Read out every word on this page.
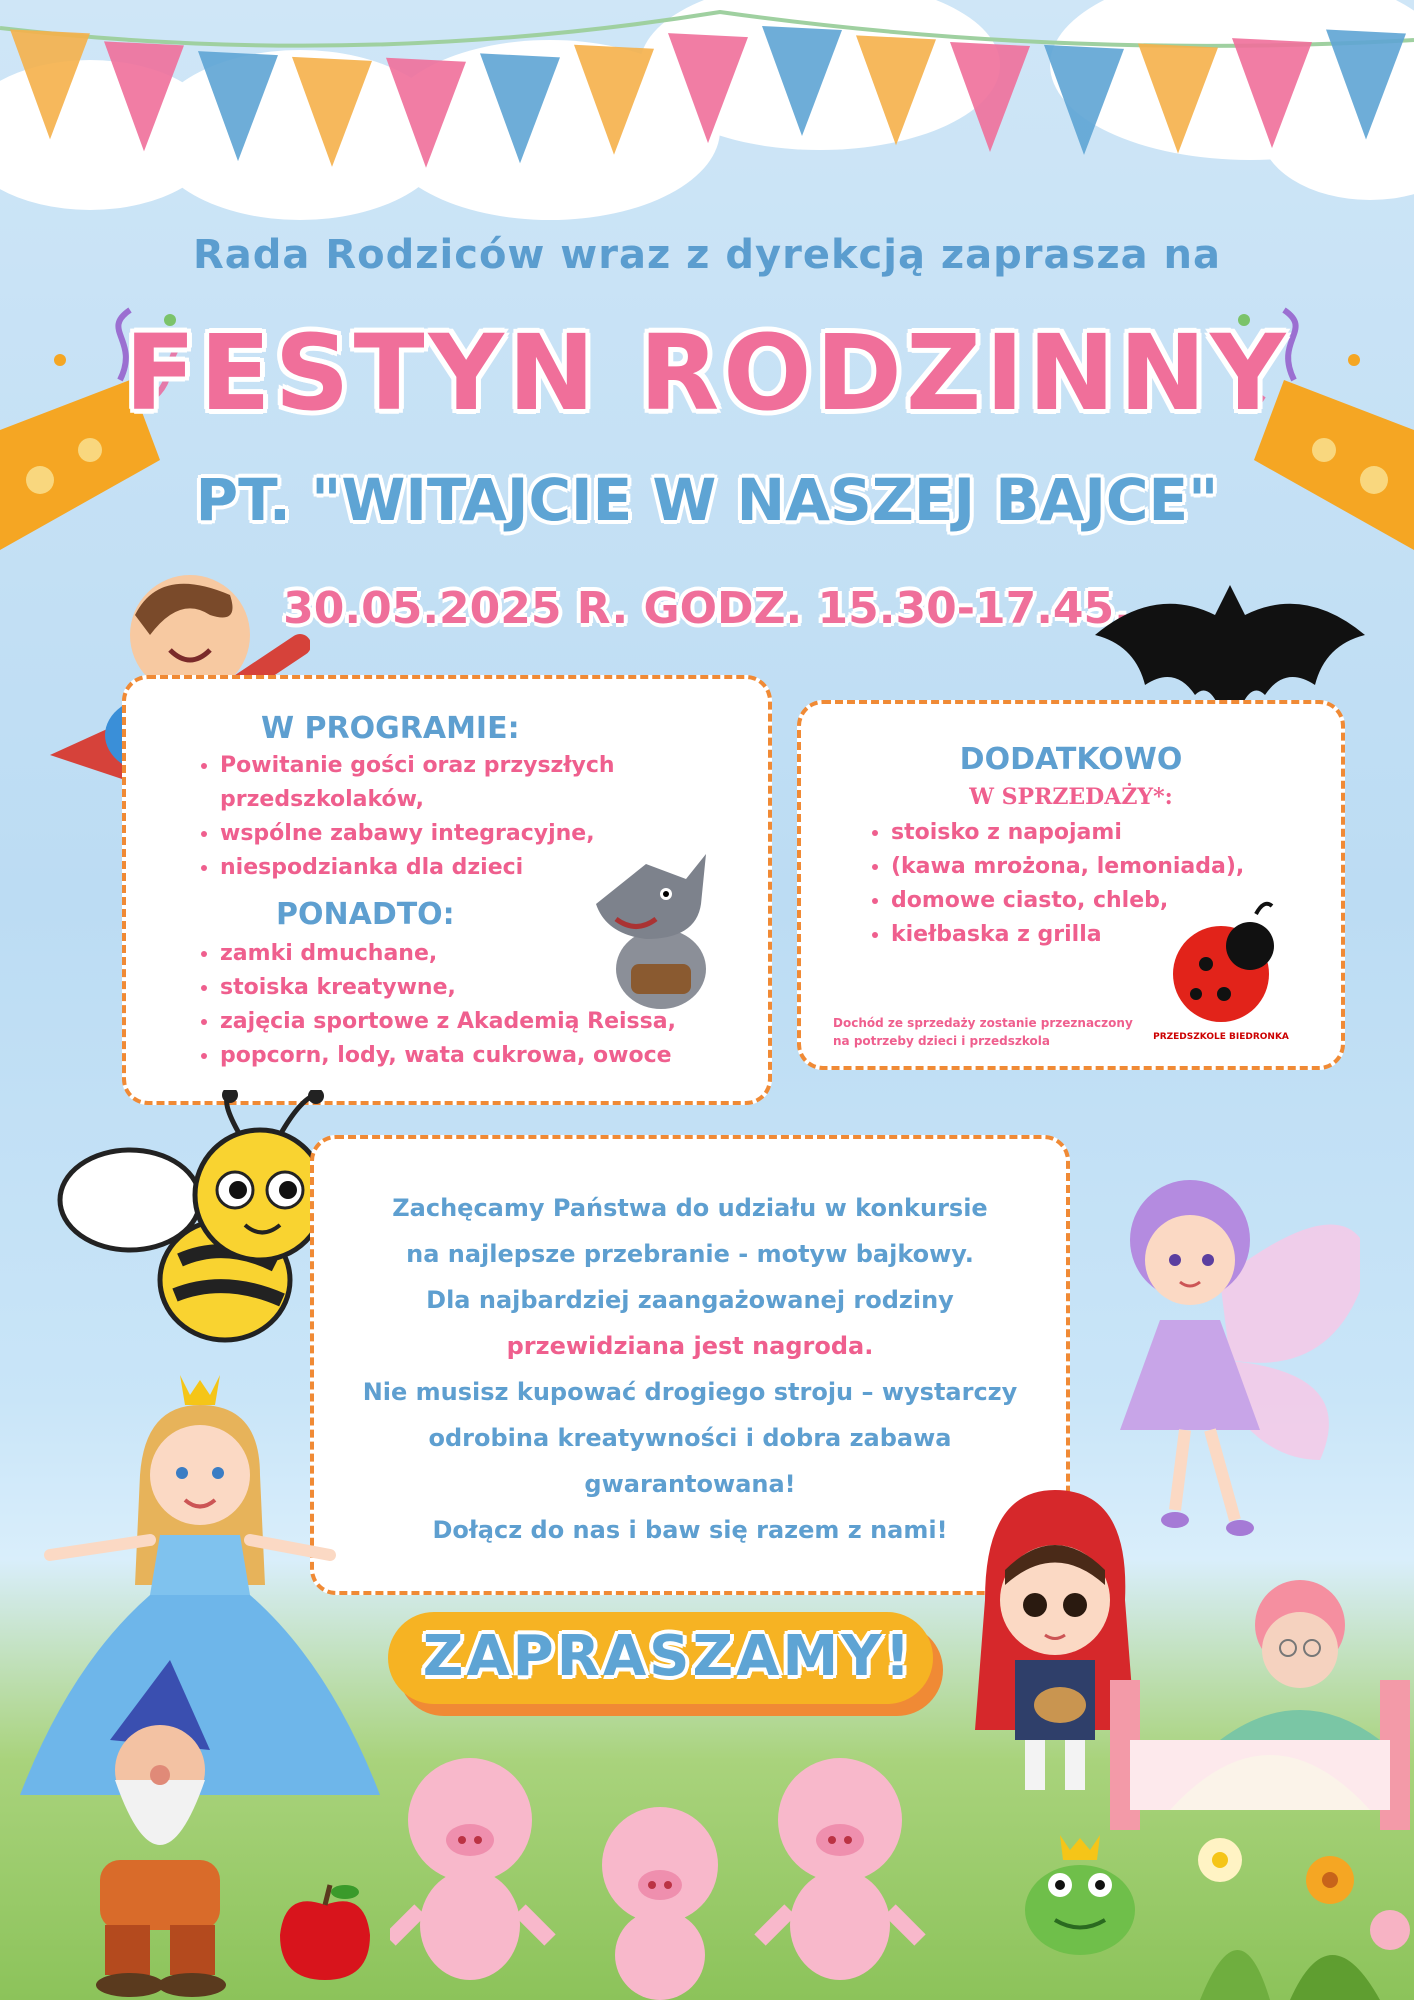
Rada Rodziców wraz z dyrekcją zaprasza na
FESTYN RODZINNY
PT. "WITAJCIE W NASZEJ BAJCE"
30.05.2025 R. GODZ. 15.30-17.45.
W PROGRAMIE:
• Powitanie gości oraz przyszłych przedszkolaków,
• wspólne zabawy integracyjne,
• niespodzianka dla dzieci
PONADTO:
• zamki dmuchane,
• stoiska kreatywne,
• zajęcia sportowe z Akademią Reissa,
• popcorn, lody, wata cukrowa, owoce
DODATKOWO
W SPRZEDAŻY*:
• stoisko z napojami
• (kawa mrożona, lemoniada),
• domowe ciasto, chleb,
• kiełbaska z grilla
Dochód ze sprzedaży zostanie przeznaczony
na potrzeby dzieci i przedszkola	PRZEDSZKOLE BIEDRONKA
Zachęcamy Państwa do udziału w konkursie
na najlepsze przebranie - motyw bajkowy.
Dla najbardziej zaangażowanej rodziny
przewidziana jest nagroda.
Nie musisz kupować drogiego stroju – wystarczy
odrobina kreatywności i dobra zabawa
gwarantowana!
Dołącz do nas i baw się razem z nami!
ZAPRASZAMY!
